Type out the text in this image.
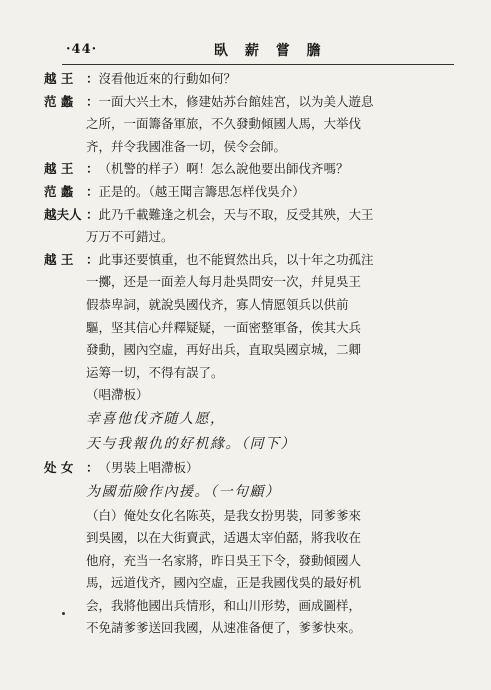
·44·	臥 薪 嘗 膽
越 王	： 沒看他近來的行動如何？
范 蠡	： 一面大兴土木，修建姑苏台館娃宮，以为美人遊息
之所，一面籌备軍旅，不久發動傾國人馬，大举伐
齐，幷令我國准备一切，侯令会師。
越 王	： （机警的样子）啊！怎么說他要出師伐齐嗎？
范 蠡	： 正是的。（越王聞言籌思怎样伐吳介）
越夫人 ： 此乃千載難逢之机会，天与不取，反受其殃，大王
万万不可錯过。
越 王	： 此事还要慎重，也不能貿然出兵，以十年之功孤注
一擲，还是一面差人每月赴吳問安一次，幷見吳王
假恭卑詞，就說吳國伐齐，寡人情愿領兵以供前
驅，坚其信心幷釋疑疑，一面密整軍备，俟其大兵
發動，國內空虛，再好出兵，直取吳國京城，二卿
运筹一切，不得有誤了。
（唱滯板）
幸喜他伐齐随人愿，
天与我報仇的好机緣。（同下）
处 女	： （男裝上唱滯板）
为國茄險作內援。（一句顧）
（白）俺处女化名陈英，是我女扮男裝，同爹爹來
到吳國，以在大街賣武，适遇太宰伯嚭，將我收在
他府，充当一名家將，昨日吳王下令，發動傾國人
馬，远道伐齐，國內空虛，正是我國伐吳的最好机
会，我將他國出兵情形，和山川形势，画成圖样，
不免請爹爹送回我國，从速准备便了，爹爹快來。
